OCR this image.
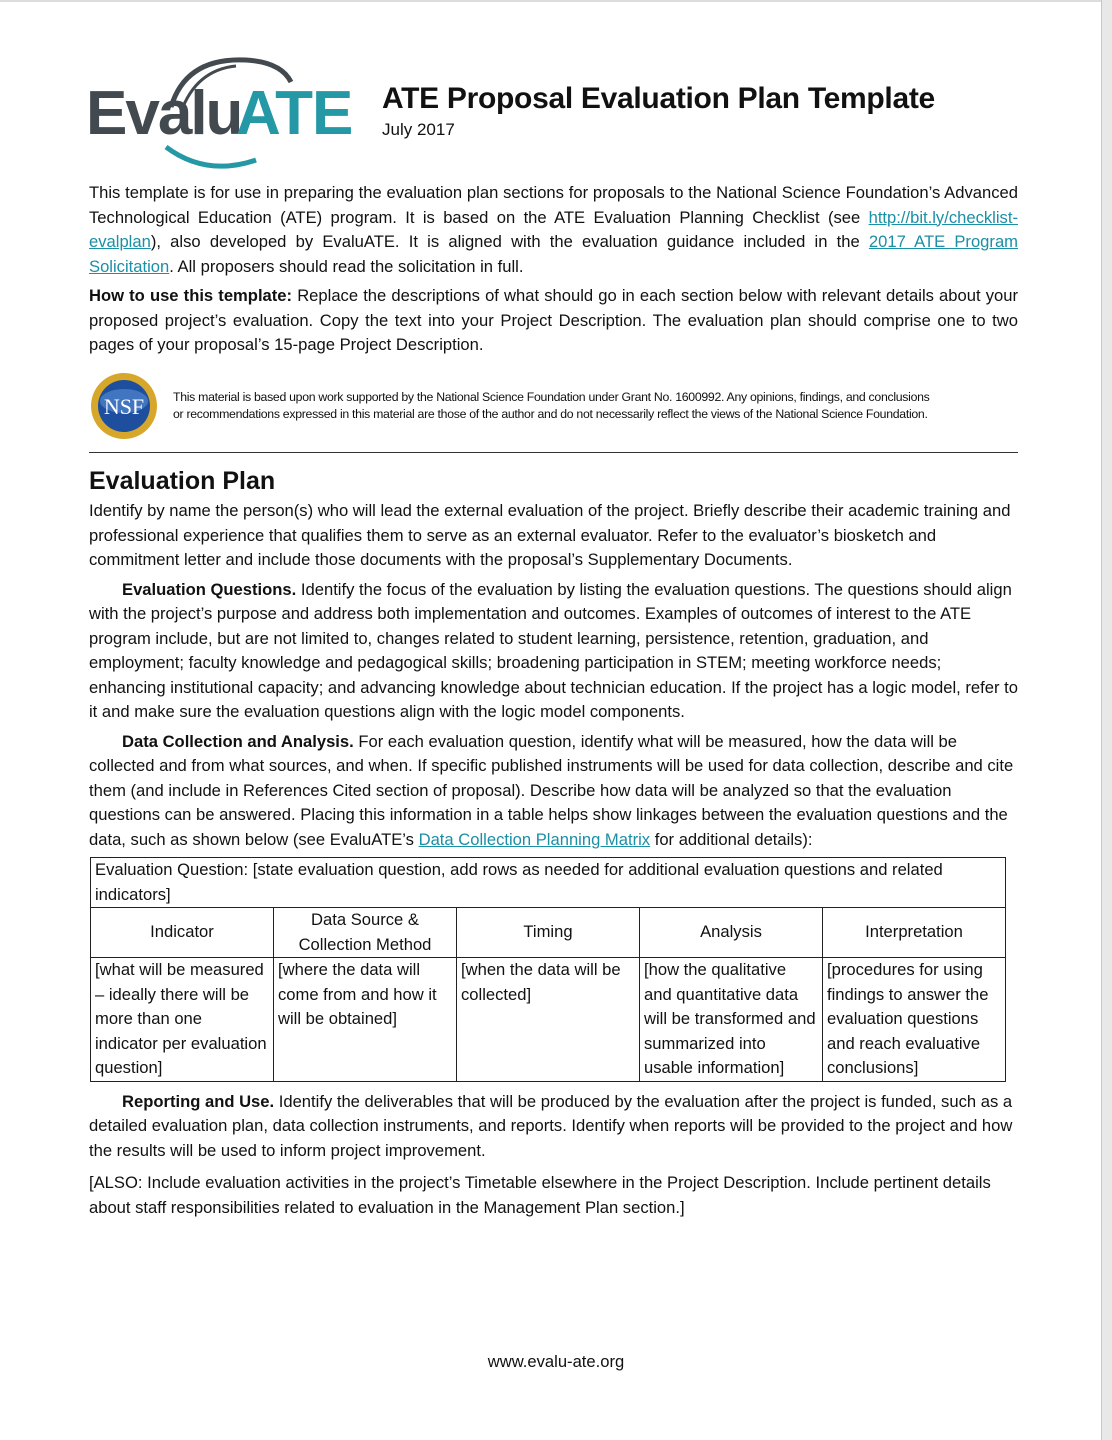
Evalu
ATE ATE Proposal Evaluation Plan Template
July 2017

This template is for use in preparing the evaluation plan sections for proposals to the National Science Foundation’s Advanced Technological Education (ATE) program. It is based on the ATE Evaluation Planning Checklist (see http://bit.ly/checklist-evalplan), also developed by EvaluATE. It is aligned with the evaluation guidance included in the 2017 ATE Program Solicitation. All proposers should read the solicitation in full.

How to use this template: Replace the descriptions of what should go in each section below with relevant details about your proposed project’s evaluation. Copy the text into your Project Description. The evaluation plan should comprise one to two pages of your proposal’s 15-page Project Description.

NSF This material is based upon work supported by the National Science Foundation under Grant No. 1600992. Any opinions, findings, and conclusions
or recommendations expressed in this material are those of the author and do not necessarily reflect the views of the National Science Foundation.
Evaluation Plan

Identify by name the person(s) who will lead the external evaluation of the project. Briefly describe their academic training and professional experience that qualifies them to serve as an external evaluator. Refer to the evaluator’s biosketch and commitment letter and include those documents with the proposal’s Supplementary Documents.

Evaluation Questions. Identify the focus of the evaluation by listing the evaluation questions. The questions should align with the project’s purpose and address both implementation and outcomes. Examples of outcomes of interest to the ATE program include, but are not limited to, changes related to student learning, persistence, retention, graduation, and employment; faculty knowledge and pedagogical skills; broadening participation in STEM; meeting workforce needs; enhancing institutional capacity; and advancing knowledge about technician education. If the project has a logic model, refer to it and make sure the evaluation questions align with the logic model components.

Data Collection and Analysis. For each evaluation question, identify what will be measured, how the data will be collected and from what sources, and when. If specific published instruments will be used for data collection, describe and cite them (and include in References Cited section of proposal). Describe how data will be analyzed so that the evaluation questions can be answered. Placing this information in a table helps show linkages between the evaluation questions and the data, such as shown below (see EvaluATE’s Data Collection Planning Matrix for additional details):

Evaluation Question: [state evaluation question, add rows as needed for additional evaluation questions and related indicators]				
Indicator	Data Source & Collection Method	Timing	Analysis	Interpretation
[what will be measured – ideally there will be more than one indicator per evaluation question]	[where the data will come from and how it will be obtained]	[when the data will be collected]	[how the qualitative and quantitative data will be transformed and summarized into usable information]	[procedures for using findings to answer the evaluation questions and reach evaluative conclusions]

Reporting and Use. Identify the deliverables that will be produced by the evaluation after the project is funded, such as a detailed evaluation plan, data collection instruments, and reports. Identify when reports will be provided to the project and how the results will be used to inform project improvement.

[ALSO: Include evaluation activities in the project’s Timetable elsewhere in the Project Description. Include pertinent details about staff responsibilities related to evaluation in the Management Plan section.]

www.evalu-ate.org
